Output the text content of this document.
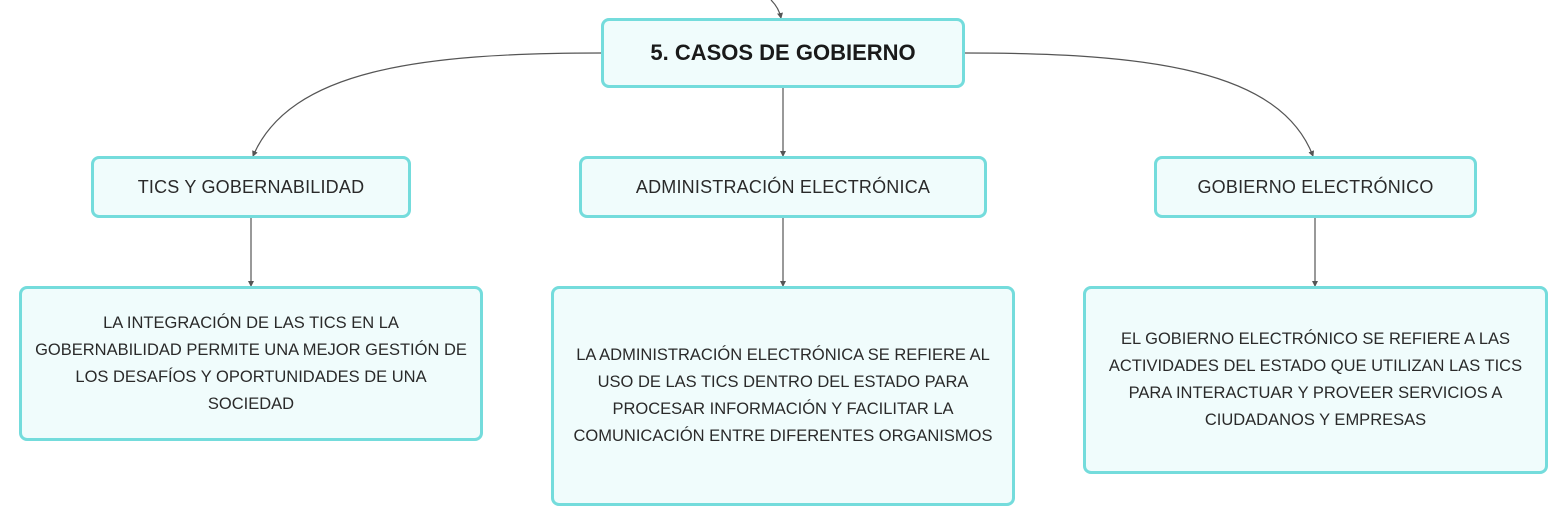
5. CASOS DE GOBIERNO
TICS Y GOBERNABILIDAD	ADMINISTRACIÓN ELECTRÓNICA	GOBIERNO ELECTRÓNICO
LA INTEGRACIÓN DE LAS TICS EN LA GOBERNABILIDAD PERMITE UNA MEJOR GESTIÓN DE LOS DESAFÍOS Y OPORTUNIDADES DE UNA SOCIEDAD
LA ADMINISTRACIÓN ELECTRÓNICA SE REFIERE AL USO DE LAS TICS DENTRO DEL ESTADO PARA PROCESAR INFORMACIÓN Y FACILITAR LA COMUNICACIÓN ENTRE DIFERENTES ORGANISMOS
EL GOBIERNO ELECTRÓNICO SE REFIERE A LAS ACTIVIDADES DEL ESTADO QUE UTILIZAN LAS TICS PARA INTERACTUAR Y PROVEER SERVICIOS A CIUDADANOS Y EMPRESAS
